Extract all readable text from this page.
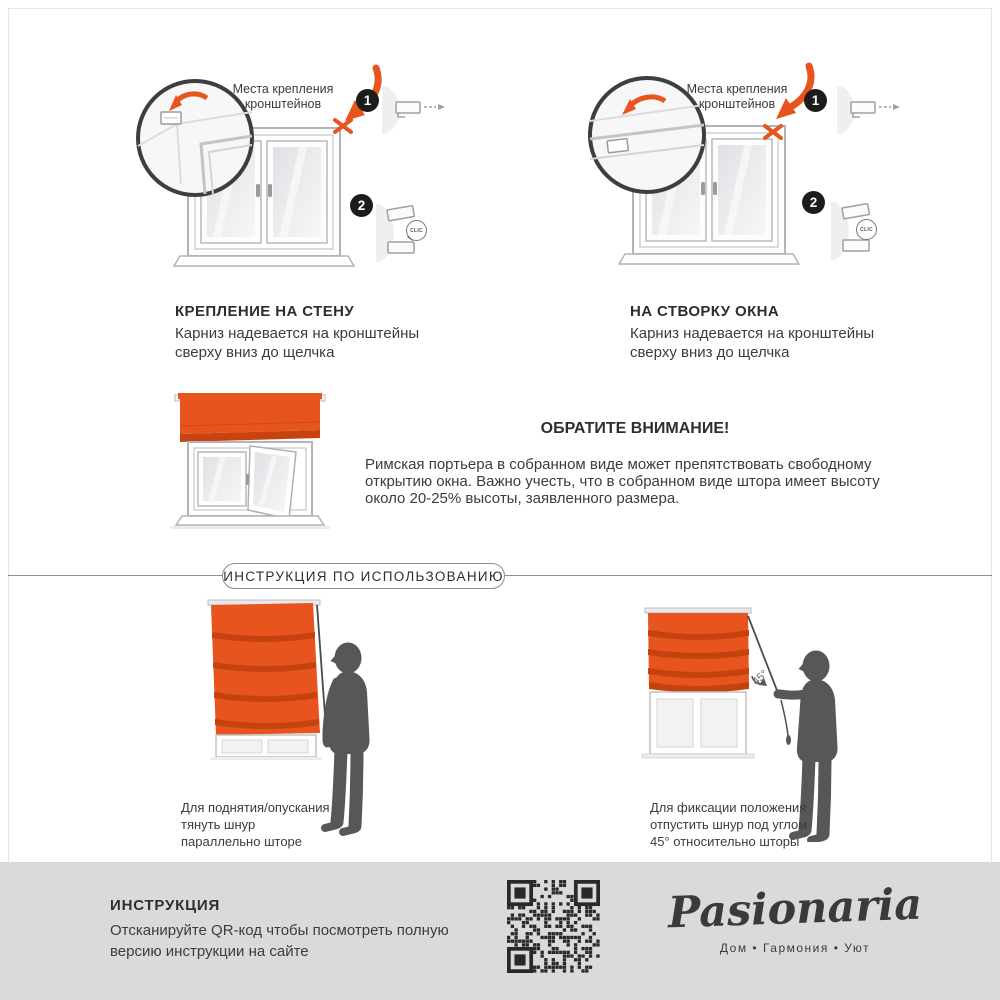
Места крепления кронштейнов	1
2
CLIC
Места крепления кронштейнов	1
2
CLIC
КРЕПЛЕНИЕ НА СТЕНУ
Карниз надевается на кронштейны
сверху вниз до щелчка
НА СТВОРКУ ОКНА
Карниз надевается на кронштейны
сверху вниз до щелчка
ОБРАТИТЕ ВНИМАНИЕ!
Римская портьера в собранном виде может препятствовать свободному
открытию окна. Важно учесть, что в собранном виде штора имеет высоту
около 20-25% высоты, заявленного размера.
ИНСТРУКЦИЯ ПО ИСПОЛЬЗОВАНИЮ
Для поднятия/опускания
тянуть шнур
параллельно шторе
45°
Для фиксации положения
отпустить шнур под углом
45° относительно шторы
ИНСТРУКЦИЯ
Отсканируйте QR-код чтобы посмотреть полную
версию инструкции на сайте
Pasionaria
Дом • Гармония • Уют
